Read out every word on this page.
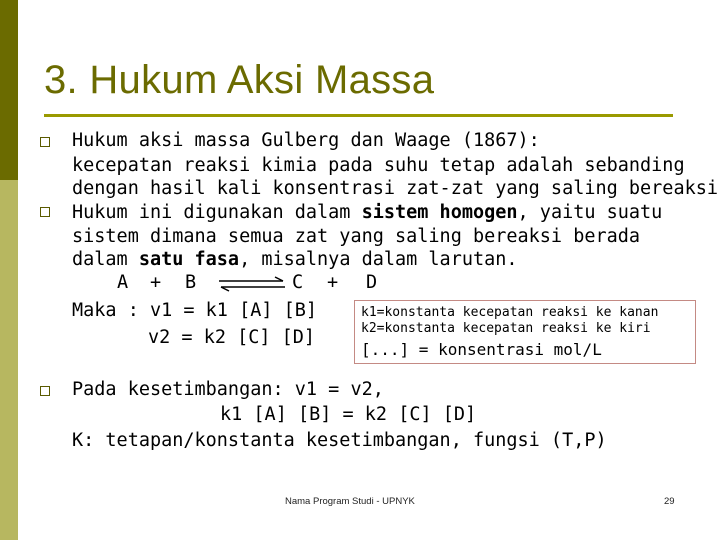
3. Hukum Aksi Massa
Hukum aksi massa Gulberg dan Waage (1867):
kecepatan reaksi kimia pada suhu tetap adalah sebanding
dengan hasil kali konsentrasi zat-zat yang saling bereaksi
Hukum ini digunakan dalam sistem homogen, yaitu suatu
sistem dimana semua zat yang saling bereaksi berada
dalam satu fasa, misalnya dalam larutan.
A + B	C + D
Maka : v1 = k1 [A] [B]
v2 = k2 [C] [D]
k1=konstanta kecepatan reaksi ke kanan
k2=konstanta kecepatan reaksi ke kiri
[...] = konsentrasi mol/L
Pada kesetimbangan: v1 = v2,
k1 [A] [B] = k2 [C] [D]
K: tetapan/konstanta kesetimbangan, fungsi (T,P)
Nama Program Studi - UPNYK	29
